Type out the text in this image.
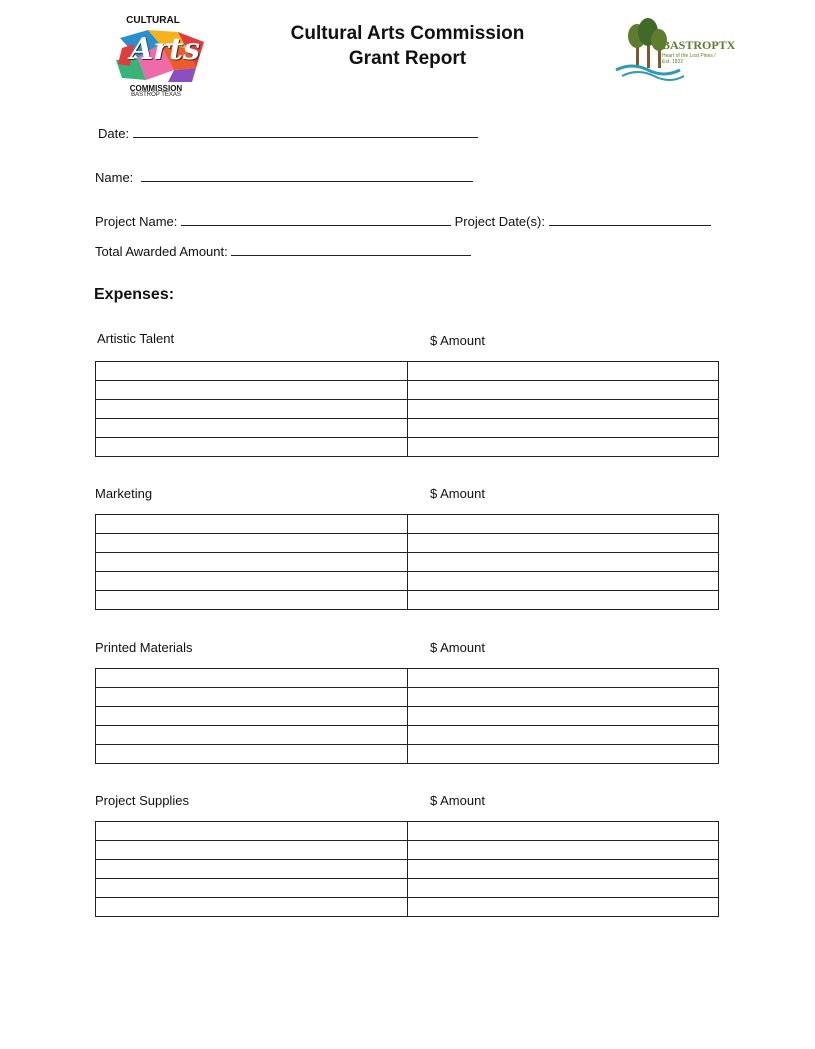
CULTURAL
Arts
COMMISSION
BASTROP TEXAS
Cultural Arts Commission
Grant Report
BASTROPTX
Heart of the Lost Pines / Est. 1832
Date:
Name:
Project Name:	Project Date(s):
Total Awarded Amount:
Expenses:
Artistic Talent	$ Amount

Marketing	$ Amount

Printed Materials	$ Amount

Project Supplies	$ Amount
